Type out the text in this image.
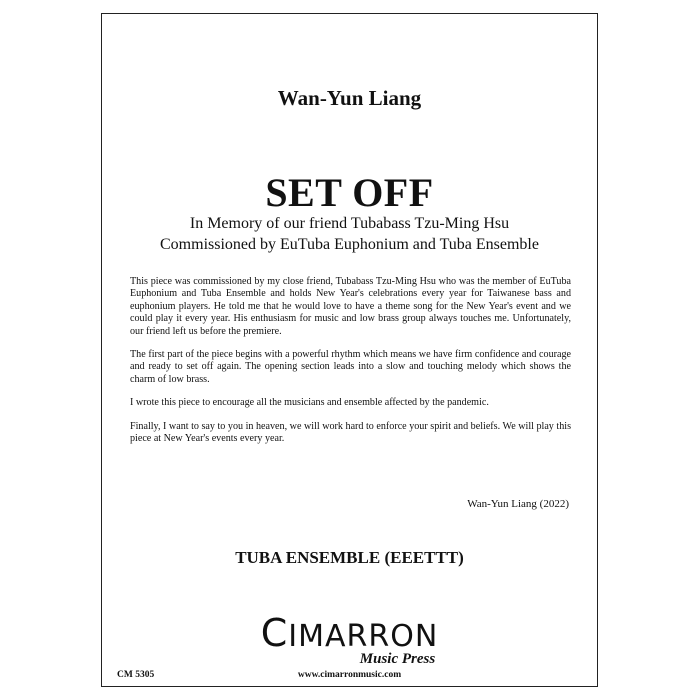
Wan-Yun Liang
SET OFF
In Memory of our friend Tubabass Tzu-Ming Hsu
Commissioned by EuTuba Euphonium and Tuba Ensemble

This piece was commissioned by my close friend, Tubabass Tzu-Ming Hsu who was the member of EuTuba Euphonium and Tuba Ensemble and holds New Year's celebrations every year for Taiwanese bass and euphonium players. He told me that he would love to have a theme song for the New Year's event and we could play it every year. His enthusiasm for music and low brass group always touches me. Unfortunately, our friend left us before the premiere.

The first part of the piece begins with a powerful rhythm which means we have firm confidence and courage and ready to set off again. The opening section leads into a slow and touching melody which shows the charm of low brass.

I wrote this piece to encourage all the musicians and ensemble affected by the pandemic.

Finally, I want to say to you in heaven, we will work hard to enforce your spirit and beliefs. We will play this piece at New Year's events every year.

Wan-Yun Liang (2022)
TUBA ENSEMBLE (EEETTT)
CIMARRON
Music Press
CM 5305	www.cimarronmusic.com
